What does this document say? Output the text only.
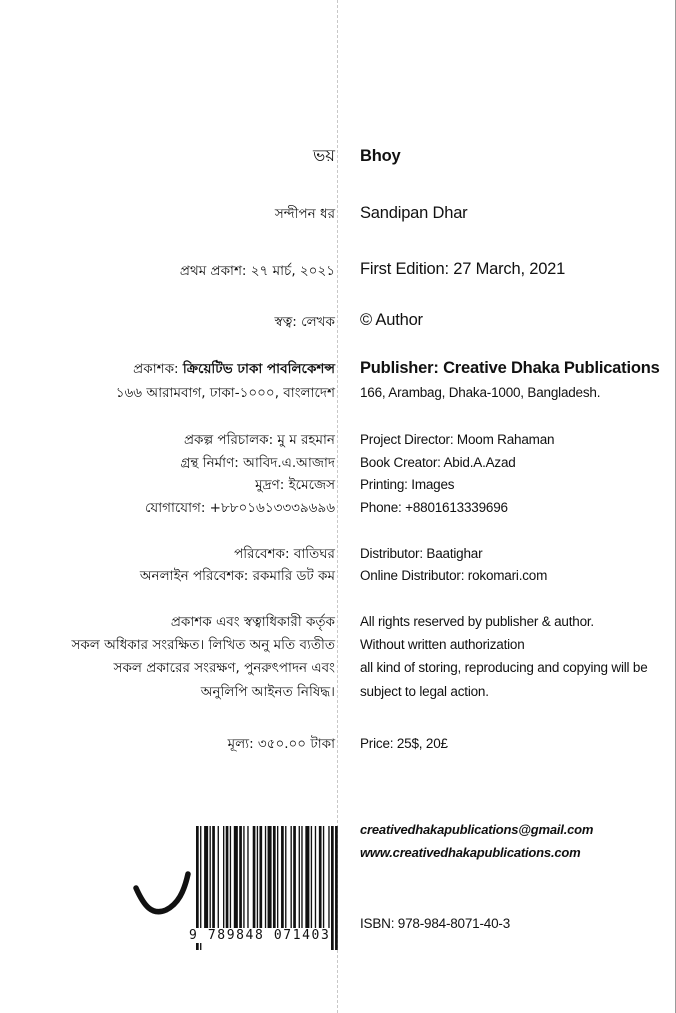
ভয়
সন্দীপন ধর
প্রথম প্রকাশ: ২৭ মার্চ, ২০২১
স্বত্ব: লেখক
প্রকাশক: ক্রিয়েটিভ ঢাকা পাবলিকেশন্স
১৬৬ আরামবাগ, ঢাকা-১০০০, বাংলাদেশ
প্রকল্প পরিচালক: মু ম রহমান
গ্রন্থ নির্মাণ: আবিদ.এ.আজাদ
মুদ্রণ: ইমেজেস
যোগাযোগ: +৮৮০১৬১৩৩৩৯৬৯৬
পরিবেশক: বাতিঘর
অনলাইন পরিবেশক: রকমারি ডট কম
প্রকাশক এবং স্বত্বাধিকারী কর্তৃক
সকল অধিকার সংরক্ষিত। লিখিত অনু মতি ব্যতীত
সকল প্রকারের সংরক্ষণ, পুনরুৎপাদন এবং
অনুলিপি আইনত নিষিদ্ধ।
মূল্য: ৩৫০.০০ টাকা
Bhoy
Sandipan Dhar
First Edition: 27 March, 2021
© Author
Publisher: Creative Dhaka Publications
166, Arambag, Dhaka-1000, Bangladesh.
Project Director: Moom Rahaman
Book Creator: Abid.A.Azad
Printing: Images
Phone: +8801613339696
Distributor: Baatighar
Online Distributor: rokomari.com
All rights reserved by publisher & author.
Without written authorization
all kind of storing, reproducing and copying will be
subject to legal action.
Price: 25$, 20£
creativedhakapublications@gmail.com
www.creativedhakapublications.com
ISBN: 978-984-8071-40-3
9 789848 071403
